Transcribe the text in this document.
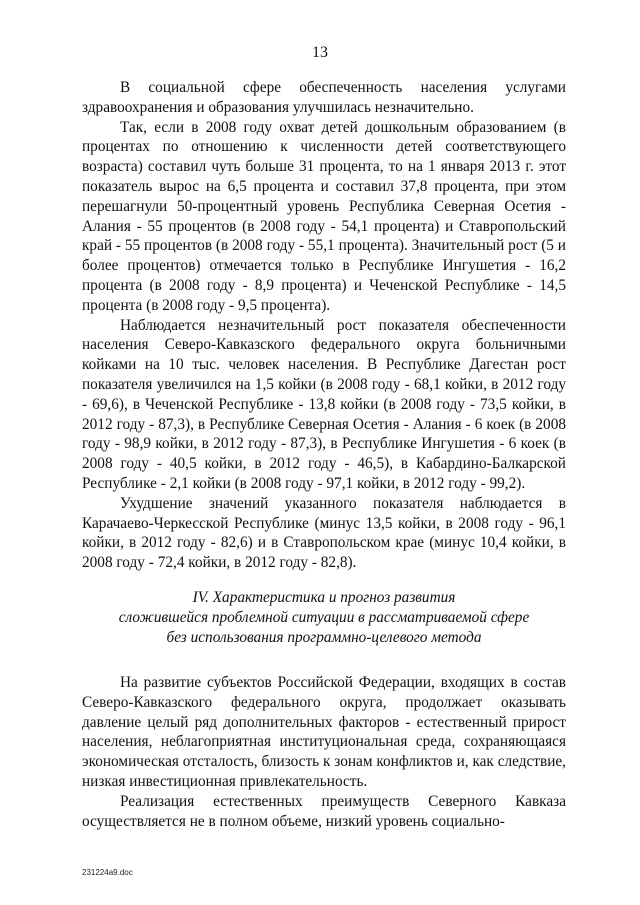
13

В социальной сфере обеспеченность населения услугами здравоохранения и образования улучшилась незначительно.

Так, если в 2008 году охват детей дошкольным образованием (в процентах по отношению к численности детей соответствующего возраста) составил чуть больше 31 процента, то на 1 января 2013 г. этот показатель вырос на 6,5 процента и составил 37,8 процента, при этом перешагнули 50-процентный уровень Республика Северная Осетия - Алания - 55 процентов (в 2008 году - 54,1 процента) и Ставропольский край - 55 процентов (в 2008 году - 55,1 процента). Значительный рост (5 и более процентов) отмечается только в Республике Ингушетия - 16,2 процента (в 2008 году - 8,9 процента) и Чеченской Республике - 14,5 процента (в 2008 году - 9,5 процента).

Наблюдается незначительный рост показателя обеспеченности населения Северо-Кавказского федерального округа больничными койками на 10 тыс. человек населения. В Республике Дагестан рост показателя увеличился на 1,5 койки (в 2008 году - 68,1 койки, в 2012 году - 69,6), в Чеченской Республике - 13,8 койки (в 2008 году - 73,5 койки, в 2012 году - 87,3), в Республике Северная Осетия - Алания - 6 коек (в 2008 году - 98,9 койки, в 2012 году - 87,3), в Республике Ингушетия - 6 коек (в 2008 году - 40,5 койки, в 2012 году - 46,5), в Кабардино-Балкарской Республике - 2,1 койки (в 2008 году - 97,1 койки, в 2012 году - 99,2).

Ухудшение значений указанного показателя наблюдается в Карачаево-Черкесской Республике (минус 13,5 койки, в 2008 году - 96,1 койки, в 2012 году - 82,6) и в Ставропольском крае (минус 10,4 койки, в 2008 году - 72,4 койки, в 2012 году - 82,8).

IV. Характеристика и прогноз развития
сложившейся проблемной ситуации в рассматриваемой сфере
без использования программно-целевого метода

На развитие субъектов Российской Федерации, входящих в состав Северо-Кавказского федерального округа, продолжает оказывать давление целый ряд дополнительных факторов - естественный прирост населения, неблагоприятная институциональная среда, сохраняющаяся экономическая отсталость, близость к зонам конфликтов и, как следствие, низкая инвестиционная привлекательность.

Реализация естественных преимуществ Северного Кавказа осуществляется не в полном объеме, низкий уровень социально-

231224a9.doc
